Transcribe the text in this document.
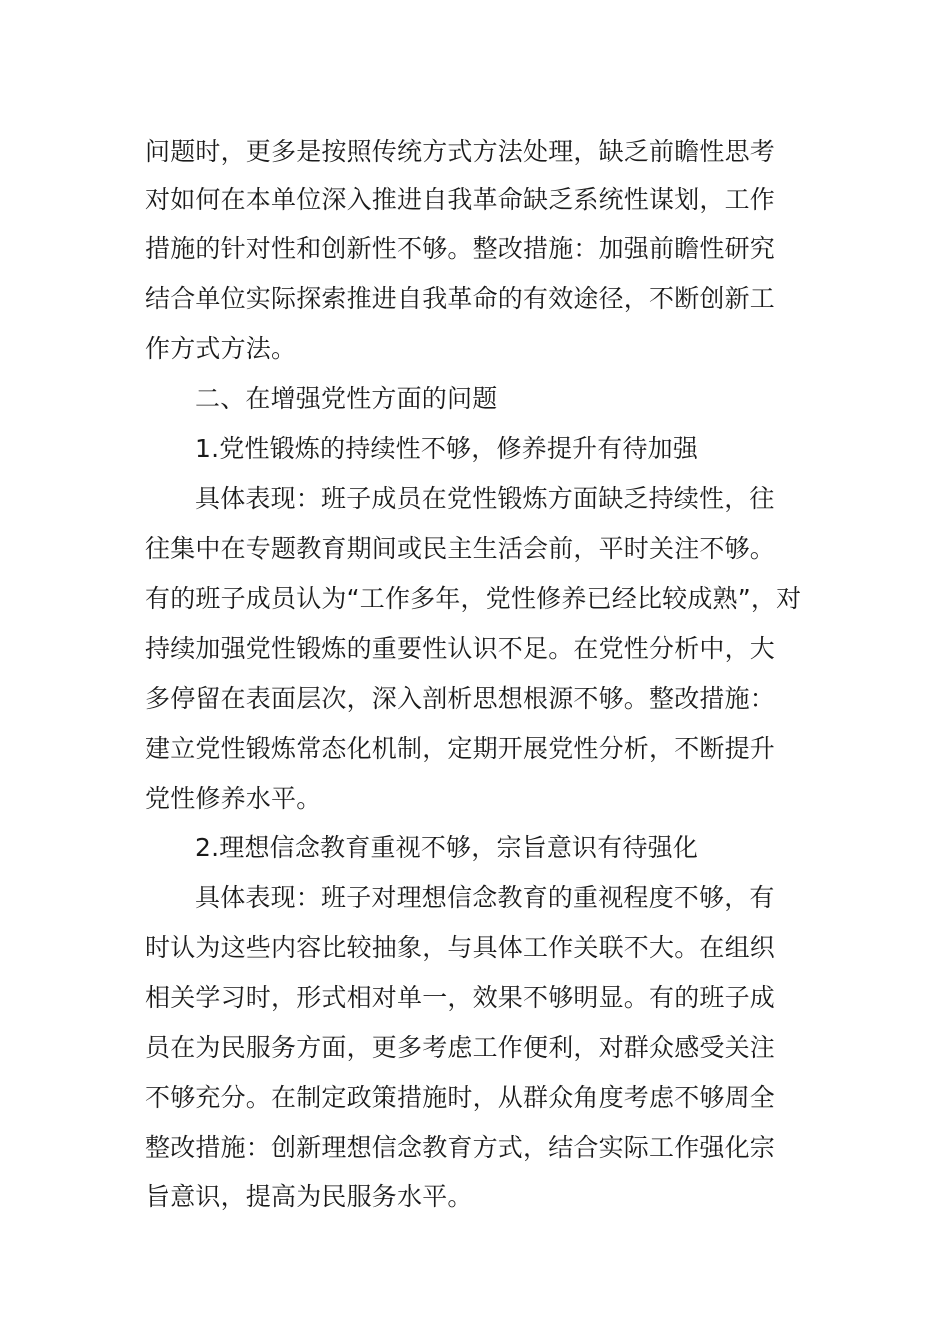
问题时，更多是按照传统方式方法处理，缺乏前瞻性思考

对如何在本单位深入推进自我革命缺乏系统性谋划，工作

措施的针对性和创新性不够。整改措施：加强前瞻性研究

结合单位实际探索推进自我革命的有效途径，不断创新工

作方式方法。

二、在增强党性方面的问题

1.党性锻炼的持续性不够，修养提升有待加强

具体表现：班子成员在党性锻炼方面缺乏持续性，往

往集中在专题教育期间或民主生活会前，平时关注不够。

有的班子成员认为“工作多年，党性修养已经比较成熟”，对

持续加强党性锻炼的重要性认识不足。在党性分析中，大

多停留在表面层次，深入剖析思想根源不够。整改措施：

建立党性锻炼常态化机制，定期开展党性分析，不断提升

党性修养水平。

2.理想信念教育重视不够，宗旨意识有待强化

具体表现：班子对理想信念教育的重视程度不够，有

时认为这些内容比较抽象，与具体工作关联不大。在组织

相关学习时，形式相对单一，效果不够明显。有的班子成

员在为民服务方面，更多考虑工作便利，对群众感受关注

不够充分。在制定政策措施时，从群众角度考虑不够周全

整改措施：创新理想信念教育方式，结合实际工作强化宗

旨意识，提高为民服务水平。
